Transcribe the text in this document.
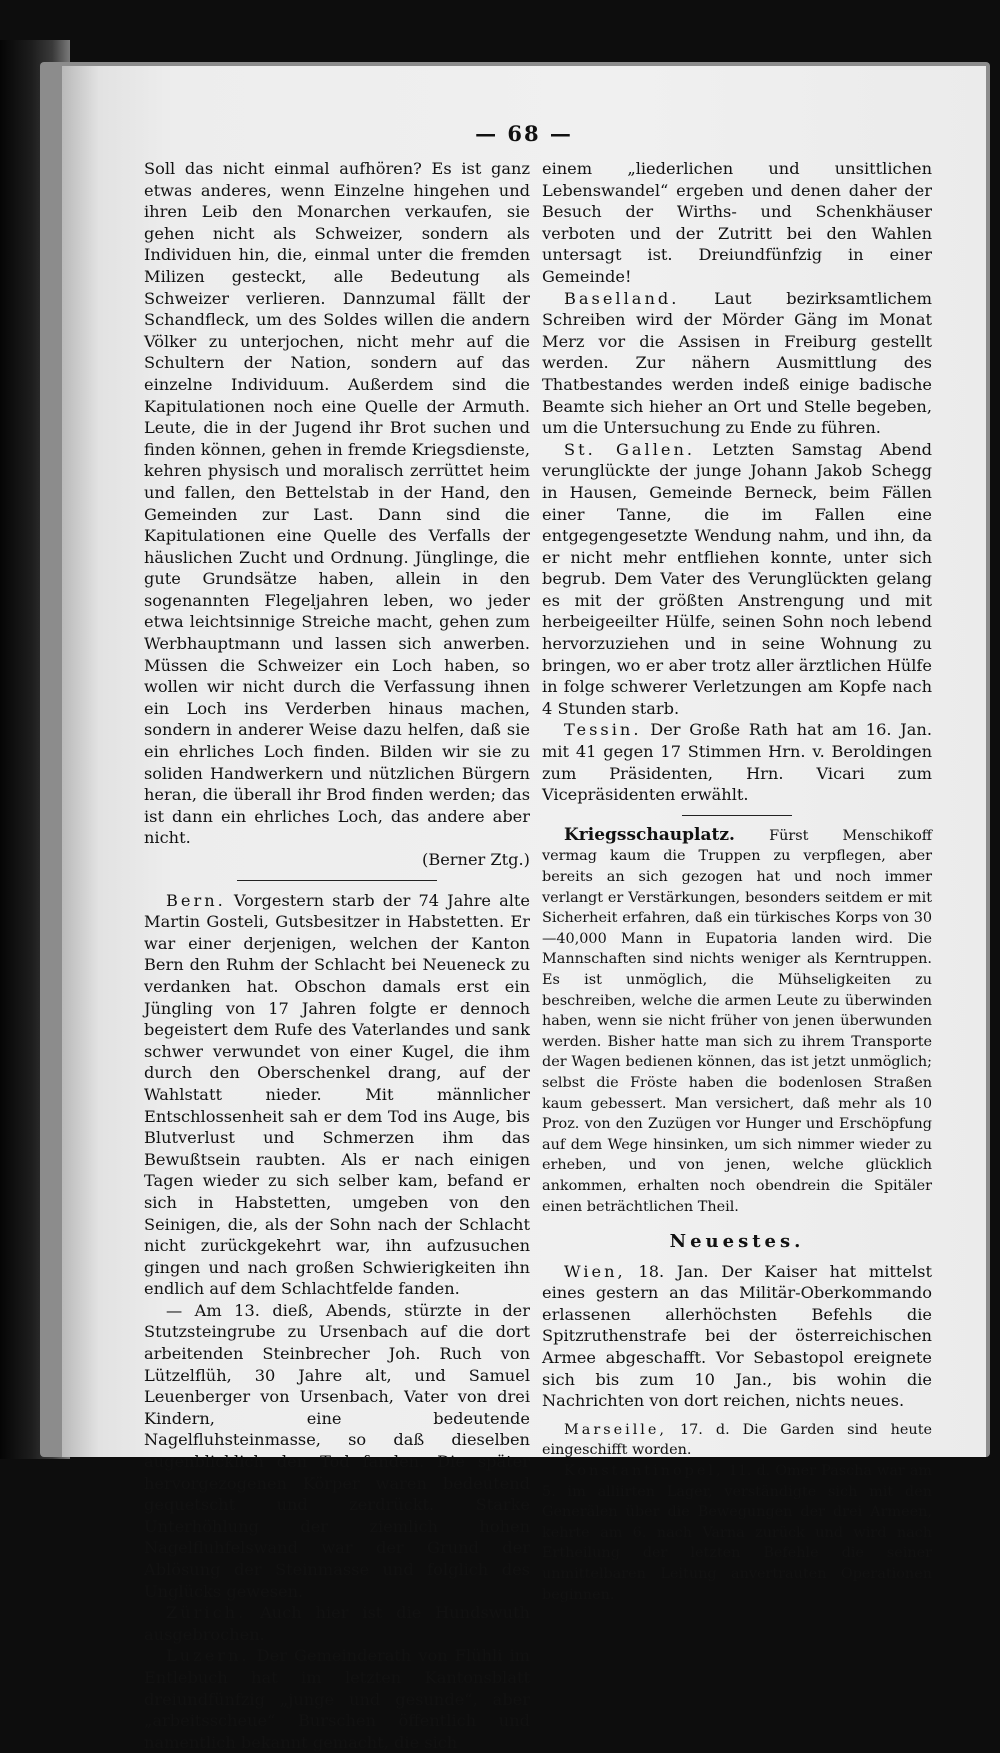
— 68 —

Soll das nicht einmal aufhören? Es ist ganz etwas anderes, wenn Einzelne hingehen und ihren Leib den Monarchen verkaufen, sie gehen nicht als Schweizer, sondern als Individuen hin, die, einmal unter die fremden Milizen gesteckt, alle Bedeutung als Schweizer verlieren. Dannzumal fällt der Schandfleck, um des Soldes willen die andern Völker zu unterjochen, nicht mehr auf die Schultern der Nation, sondern auf das einzelne Individuum. Außerdem sind die Kapitulationen noch eine Quelle der Armuth. Leute, die in der Jugend ihr Brot suchen und finden können, gehen in fremde Kriegsdienste, kehren physisch und moralisch zerrüttet heim und fallen, den Bettelstab in der Hand, den Gemeinden zur Last. Dann sind die Kapitulationen eine Quelle des Verfalls der häuslichen Zucht und Ordnung. Jünglinge, die gute Grundsätze haben, allein in den sogenannten Flegeljahren leben, wo jeder etwa leichtsinnige Streiche macht, gehen zum Werbhauptmann und lassen sich anwerben. Müssen die Schweizer ein Loch haben, so wollen wir nicht durch die Verfassung ihnen ein Loch ins Verderben hinaus machen, sondern in anderer Weise dazu helfen, daß sie ein ehrliches Loch finden. Bilden wir sie zu soliden Handwerkern und nützlichen Bürgern heran, die überall ihr Brod finden werden; das ist dann ein ehrliches Loch, das andere aber nicht.

(Berner Ztg.)

Bern. Vorgestern starb der 74 Jahre alte Martin Gosteli, Gutsbesitzer in Habstetten. Er war einer derjenigen, welchen der Kanton Bern den Ruhm der Schlacht bei Neueneck zu verdanken hat. Obschon damals erst ein Jüngling von 17 Jahren folgte er dennoch begeistert dem Rufe des Vaterlandes und sank schwer verwundet von einer Kugel, die ihm durch den Oberschenkel drang, auf der Wahlstatt nieder. Mit männlicher Entschlossenheit sah er dem Tod ins Auge, bis Blutverlust und Schmerzen ihm das Bewußtsein raubten. Als er nach einigen Tagen wieder zu sich selber kam, befand er sich in Habstetten, umgeben von den Seinigen, die, als der Sohn nach der Schlacht nicht zurückgekehrt war, ihn aufzusuchen gingen und nach großen Schwierigkeiten ihn endlich auf dem Schlachtfelde fanden.

— Am 13. dieß, Abends, stürzte in der Stutzsteingrube zu Ursenbach auf die dort arbeitenden Steinbrecher Joh. Ruch von Lützelflüh, 30 Jahre alt, und Samuel Leuenberger von Ursenbach, Vater von drei Kindern, eine bedeutende Nagelfluhsteinmasse, so daß dieselben augenblicklich den Tod fanden. Die später hervorgezogenen Körper waren bedeutend gequetscht und zerdrückt. Starke Unterhöhlung der ziemlich hohen Nagelfluhfelswand war der Grund der Ablösung der Steinmasse und folglich des Unglücks gewesen.

Zürich. Auch hier ist die Hundswuth ausgebrochen.

Luzern. Der Gemeinderath von Flühli im Entlebuch hat im letzten Kantonsblatt dreiundfünfzig „junge und gesunde“, aber „arbeitsscheue“ Burschen öffentlich und namentlich bekannt gemacht, die sich

einem „liederlichen und unsittlichen Lebenswandel“ ergeben und denen daher der Besuch der Wirths- und Schenkhäuser verboten und der Zutritt bei den Wahlen untersagt ist. Dreiundfünfzig in einer Gemeinde!

Baselland. Laut bezirksamtlichem Schreiben wird der Mörder Gäng im Monat Merz vor die Assisen in Freiburg gestellt werden. Zur nähern Ausmittlung des Thatbestandes werden indeß einige badische Beamte sich hieher an Ort und Stelle begeben, um die Untersuchung zu Ende zu führen.

St. Gallen. Letzten Samstag Abend verunglückte der junge Johann Jakob Schegg in Hausen, Gemeinde Berneck, beim Fällen einer Tanne, die im Fallen eine entgegengesetzte Wendung nahm, und ihn, da er nicht mehr entfliehen konnte, unter sich begrub. Dem Vater des Verunglückten gelang es mit der größten Anstrengung und mit herbeigeeilter Hülfe, seinen Sohn noch lebend hervorzuziehen und in seine Wohnung zu bringen, wo er aber trotz aller ärztlichen Hülfe in folge schwerer Verletzungen am Kopfe nach 4 Stunden starb.

Tessin. Der Große Rath hat am 16. Jan. mit 41 gegen 17 Stimmen Hrn. v. Beroldingen zum Präsidenten, Hrn. Vicari zum Vicepräsidenten erwählt.

Kriegsschauplatz. Fürst Menschikoff vermag kaum die Truppen zu verpflegen, aber bereits an sich gezogen hat und noch immer verlangt er Verstärkungen, besonders seitdem er mit Sicherheit erfahren, daß ein türkisches Korps von 30—40,000 Mann in Eupatoria landen wird. Die Mannschaften sind nichts weniger als Kerntruppen. Es ist unmöglich, die Mühseligkeiten zu beschreiben, welche die armen Leute zu überwinden haben, wenn sie nicht früher von jenen überwunden werden. Bisher hatte man sich zu ihrem Transporte der Wagen bedienen können, das ist jetzt unmöglich; selbst die Fröste haben die bodenlosen Straßen kaum gebessert. Man versichert, daß mehr als 10 Proz. von den Zuzügen vor Hunger und Erschöpfung auf dem Wege hinsinken, um sich nimmer wieder zu erheben, und von jenen, welche glücklich ankommen, erhalten noch obendrein die Spitäler einen beträchtlichen Theil.

Neuestes.

Wien, 18. Jan. Der Kaiser hat mittelst eines gestern an das Militär-Oberkommando erlassenen allerhöchsten Befehls die Spitzruthenstrafe bei der österreichischen Armee abgeschafft. Vor Sebastopol ereignete sich bis zum 10 Jan., bis wohin die Nachrichten von dort reichen, nichts neues.

Marseille, 17. d. Die Garden sind heute eingeschifft worden.

Konstantinopel, 11. d. Omer Pascha war am 5. im alliirten Lager, verständigte sich mit den Generälen über die Bewegungen der drei Armeen, kehrte am 6. nach Varna zurück und wird nach Ertheilung der letzten Befehle die seiner unmittelbaren Leitung anvertrauten Operationen beginnen.
